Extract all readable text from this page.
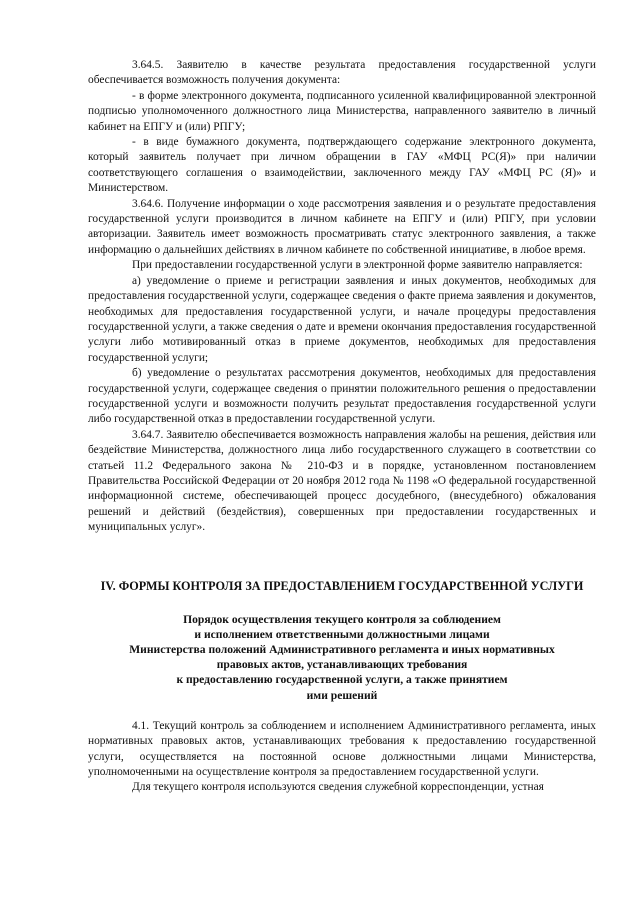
3.64.5. Заявителю в качестве результата предоставления государственной услуги обеспечивается возможность получения документа:

- в форме электронного документа, подписанного усиленной квалифицированной электронной подписью уполномоченного должностного лица Министерства, направленного заявителю в личный кабинет на ЕПГУ и (или) РПГУ;

- в виде бумажного документа, подтверждающего содержание электронного документа, который заявитель получает при личном обращении в ГАУ «МФЦ РС(Я)» при наличии соответствующего соглашения о взаимодействии, заключенного между ГАУ «МФЦ РС (Я)» и Министерством.

3.64.6. Получение информации о ходе рассмотрения заявления и о результате предоставления государственной услуги производится в личном кабинете на ЕПГУ и (или) РПГУ, при условии авторизации. Заявитель имеет возможность просматривать статус электронного заявления, а также информацию о дальнейших действиях в личном кабинете по собственной инициативе, в любое время.

При предоставлении государственной услуги в электронной форме заявителю направляется:

а) уведомление о приеме и регистрации заявления и иных документов, необходимых для предоставления государственной услуги, содержащее сведения о факте приема заявления и документов, необходимых для предоставления государственной услуги, и начале процедуры предоставления государственной услуги, а также сведения о дате и времени окончания предоставления государственной услуги либо мотивированный отказ в приеме документов, необходимых для предоставления государственной услуги;

б) уведомление о результатах рассмотрения документов, необходимых для предоставления государственной услуги, содержащее сведения о принятии положительного решения о предоставлении государственной услуги и возможности получить результат предоставления государственной услуги либо государственной отказ в предоставлении государственной услуги.

3.64.7. Заявителю обеспечивается возможность направления жалобы на решения, действия или бездействие Министерства, должностного лица либо государственного служащего в соответствии со статьей 11.2 Федерального закона № 210-ФЗ и в порядке, установленном постановлением Правительства Российской Федерации от 20 ноября 2012 года № 1198 «О федеральной государственной информационной системе, обеспечивающей процесс досудебного, (внесудебного) обжалования решений и действий (бездействия), совершенных при предоставлении государственных и муниципальных услуг».

IV. ФОРМЫ КОНТРОЛЯ ЗА ПРЕДОСТАВЛЕНИЕМ ГОСУДАРСТВЕННОЙ УСЛУГИ
Порядок осуществления текущего контроля за соблюдением
и исполнением ответственными должностными лицами
Министерства положений Административного регламента и иных нормативных
правовых актов, устанавливающих требования
к предоставлению государственной услуги, а также принятием
ими решений

4.1. Текущий контроль за соблюдением и исполнением Административного регламента, иных нормативных правовых актов, устанавливающих требования к предоставлению государственной услуги, осуществляется на постоянной основе должностными лицами Министерства, уполномоченными на осуществление контроля за предоставлением государственной услуги.

Для текущего контроля используются сведения служебной корреспонденции, устная
